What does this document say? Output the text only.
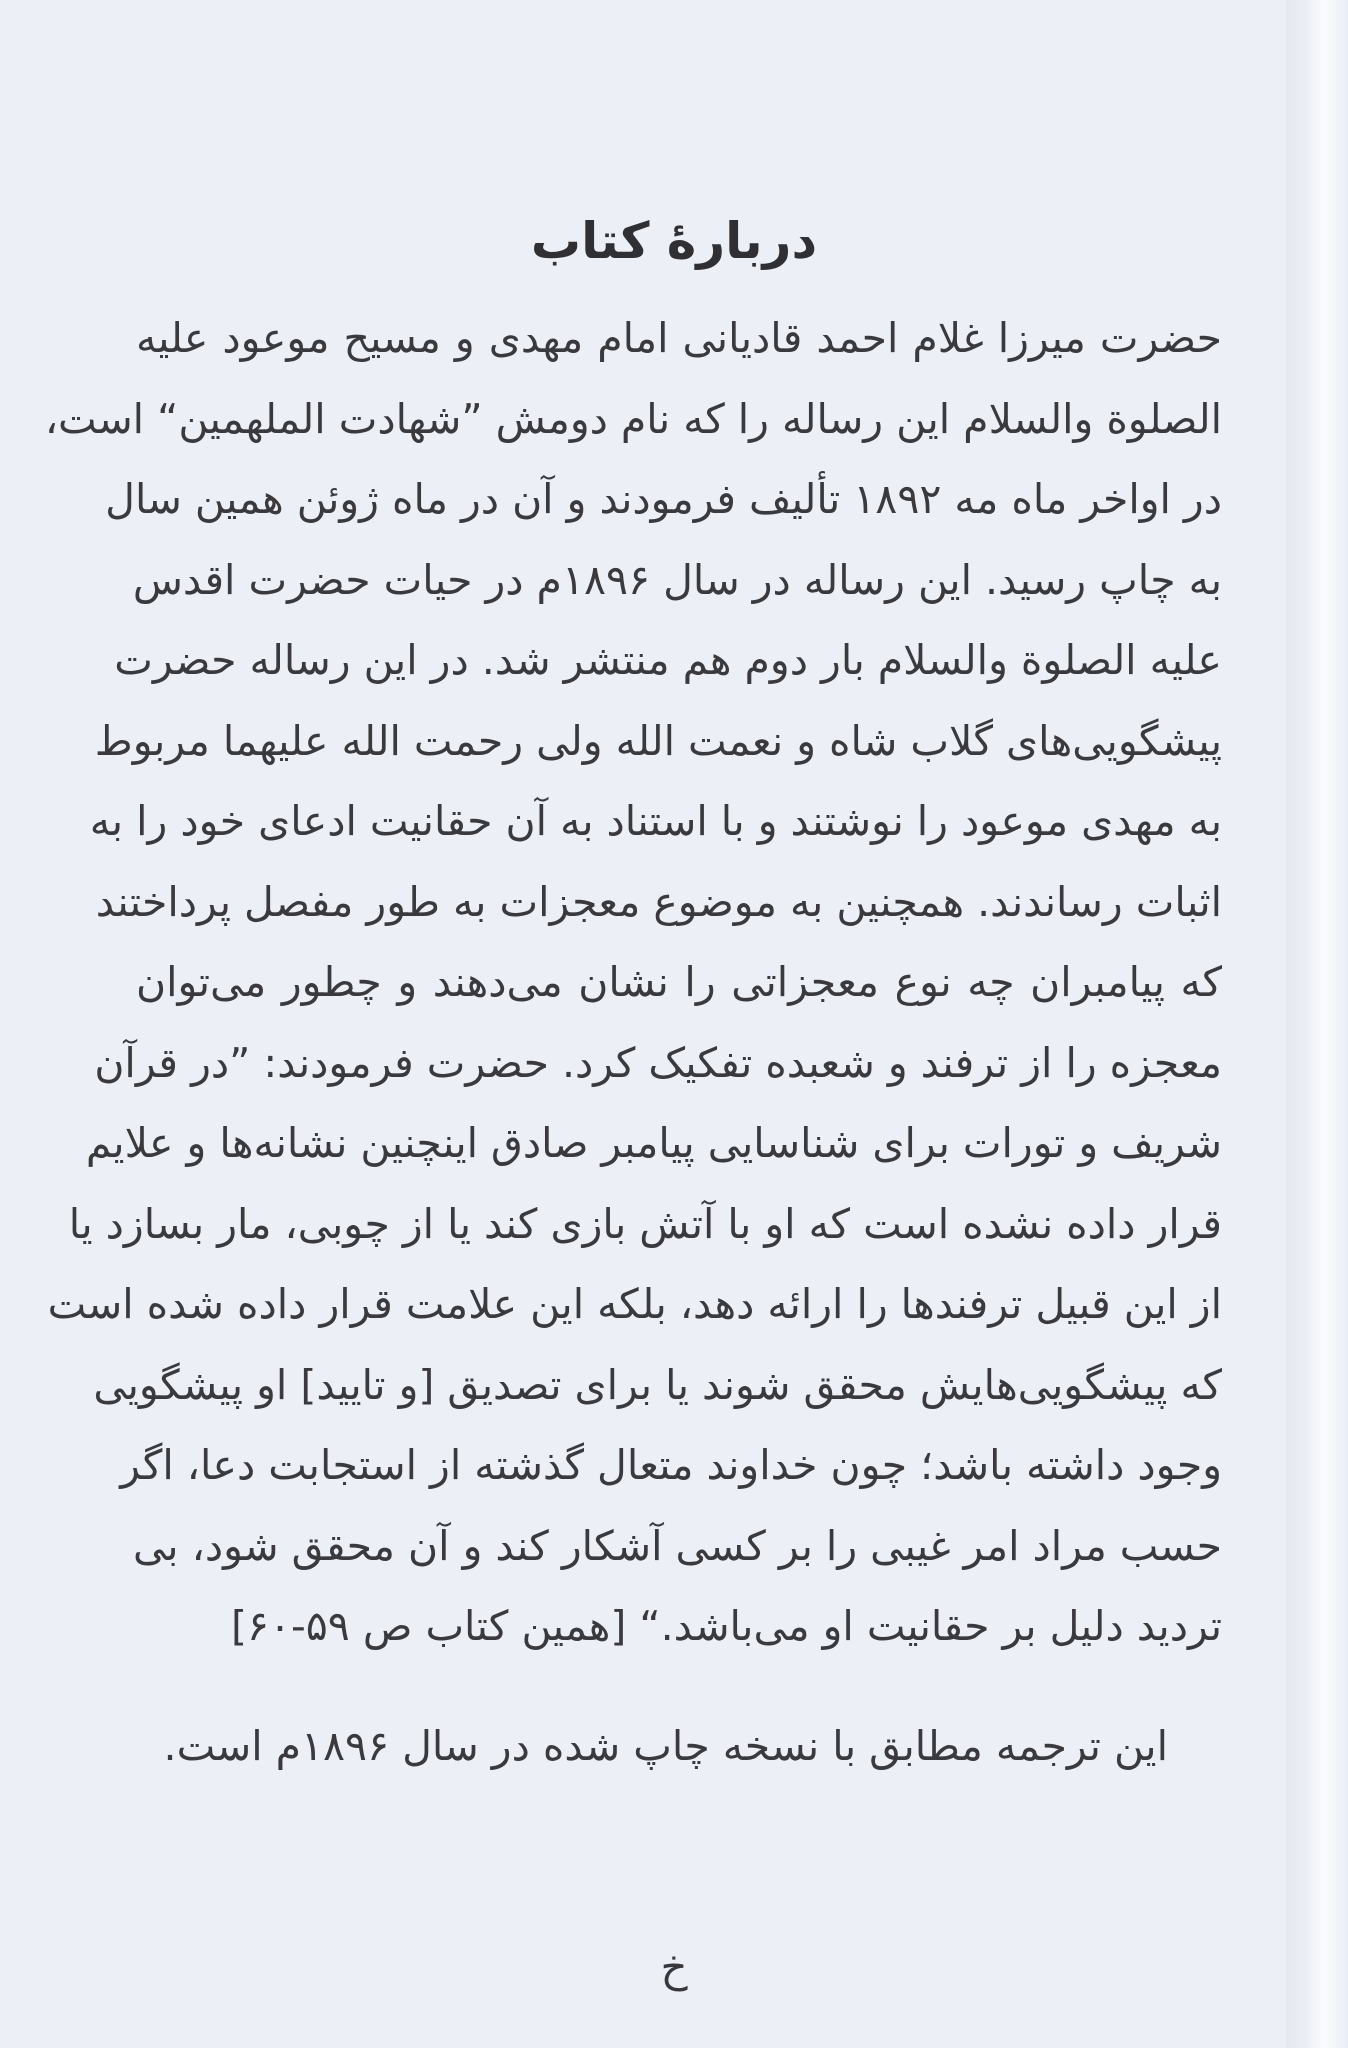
دربارهٔ کتاب
حضرت میرزا غلام احمد قادیانی امام مهدی و مسیح موعود علیه
الصلوة والسلام این رساله را که نام دومش ”شهادت الملهمین“ است،
در اواخر ماه مه ۱۸۹۲ تألیف فرمودند و آن در ماه ژوئن همین سال
به چاپ رسید. این رساله در سال ۱۸۹۶م در حیات حضرت اقدس
علیه الصلوة والسلام بار دوم هم منتشر شد. در این رساله حضرت
پیشگویی‌های گلاب شاه و نعمت الله ولی رحمت الله علیهما مربوط
به مهدی موعود را نوشتند و با استناد به آن حقانیت ادعای خود را به
اثبات رساندند. همچنین به موضوع معجزات به طور مفصل پرداختند
که پیامبران چه نوع معجزاتی را نشان می‌دهند و چطور می‌توان
معجزه را از ترفند و شعبده تفکیک کرد. حضرت فرمودند: ”در قرآن
شریف و تورات برای شناسایی پیامبر صادق اینچنین نشانه‌ها و علایم
قرار داده نشده است که او با آتش بازی کند یا از چوبی، مار بسازد یا
از این قبیل ترفندها را ارائه دهد، بلکه این علامت قرار داده شده است
که پیشگویی‌هایش محقق شوند یا برای تصدیق [و تایید] او پیشگویی
وجود داشته باشد؛ چون خداوند متعال گذشته از استجابت دعا، اگر
حسب مراد امر غیبی را بر کسی آشکار کند و آن محقق شود، بی
تردید دلیل بر حقانیت او می‌باشد.“ [همین کتاب ص ۵۹-۶۰]

این ترجمه مطابق با نسخه چاپ شده در سال ۱۸۹۶م است.

خ
